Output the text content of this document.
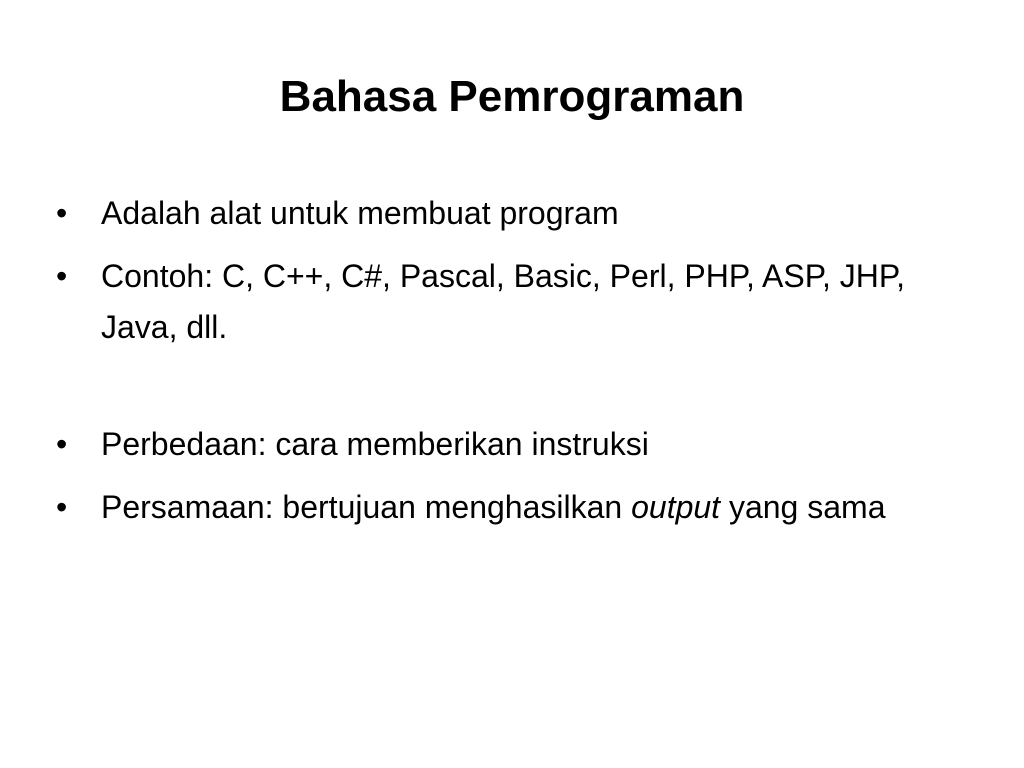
Bahasa Pemrograman
• Adalah alat untuk membuat program
• Contoh: C, C++, C#, Pascal, Basic, Perl, PHP, ASP, JHP, Java, dll.
• Perbedaan: cara memberikan instruksi
• Persamaan: bertujuan menghasilkan output yang sama
